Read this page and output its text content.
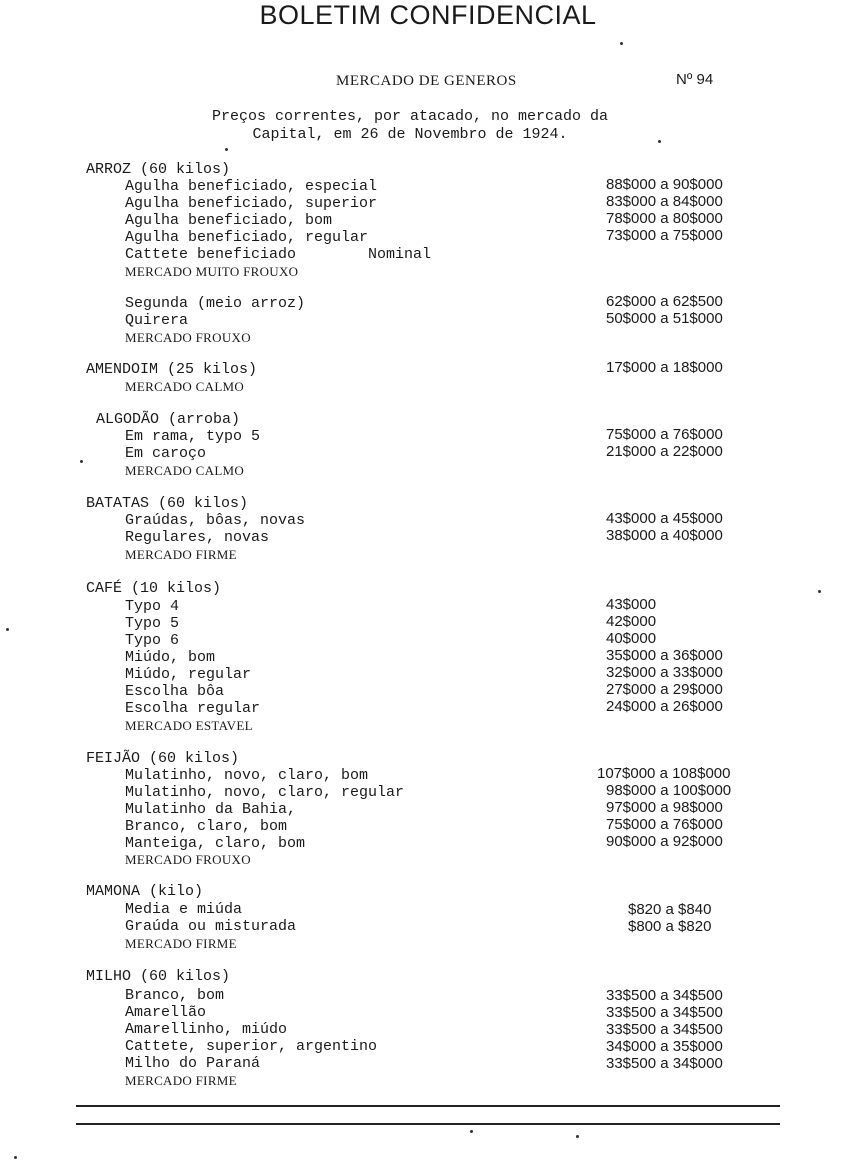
BOLETIM CONFIDENCIAL
MERCADO DE GENEROS	Nº 94
Preços correntes, por atacado, no mercado da
Capital, em 26 de Novembro de 1924.
ARROZ (60 kilos)
Agulha beneficiado, especial	88$000 a 90$000
Agulha beneficiado, superior	83$000 a 84$000
Agulha beneficiado, bom	78$000 a 80$000
Agulha beneficiado, regular	73$000 a 75$000
Cattete beneficiado        Nominal
MERCADO MUITO FROUXO
Segunda (meio arroz)	62$000 a 62$500
Quirera	50$000 a 51$000
MERCADO FROUXO
AMENDOIM (25 kilos)	17$000 a 18$000
MERCADO CALMO
ALGODÃO (arroba)
Em rama, typo 5	75$000 a 76$000
Em caroço	21$000 a 22$000
MERCADO CALMO
BATATAS (60 kilos)
Graúdas, bôas, novas	43$000 a 45$000
Regulares, novas	38$000 a 40$000
MERCADO FIRME
CAFÉ (10 kilos)
Typo 4	43$000
Typo 5	42$000
Typo 6	40$000
Miúdo, bom	35$000 a 36$000
Miúdo, regular	32$000 a 33$000
Escolha bôa	27$000 a 29$000
Escolha regular	24$000 a 26$000
MERCADO ESTAVEL
FEIJÃO (60 kilos)
Mulatinho, novo, claro, bom	107$000 a 108$000
Mulatinho, novo, claro, regular	98$000 a 100$000
Mulatinho da Bahia,	97$000 a 98$000
Branco, claro, bom	75$000 a 76$000
Manteiga, claro, bom	90$000 a 92$000
MERCADO FROUXO
MAMONA (kilo)
Media e miúda	$820 a $840
Graúda ou misturada	$800 a $820
MERCADO FIRME
MILHO (60 kilos)
Branco, bom	33$500 a 34$500
Amarellão	33$500 a 34$500
Amarellinho, miúdo	33$500 a 34$500
Cattete, superior, argentino	34$000 a 35$000
Milho do Paraná	33$500 a 34$000
MERCADO FIRME
